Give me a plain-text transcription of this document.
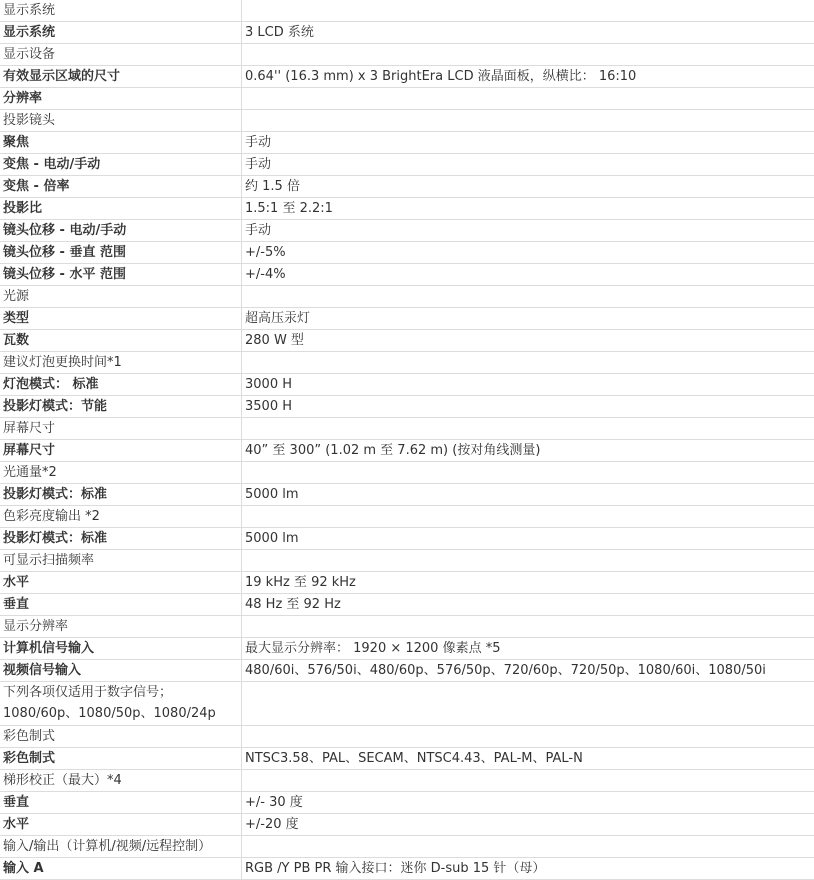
显示系统	
显示系统	3 LCD 系统
显示设备	
有效显示区域的尺寸	0.64'' (16.3 mm) x 3 BrightEra LCD 液晶面板，纵横比： 16:10
分辨率	
投影镜头	
聚焦	手动
变焦 - 电动/手动	手动
变焦 - 倍率	约 1.5 倍
投影比	1.5:1 至 2.2:1
镜头位移 - 电动/手动	手动
镜头位移 - 垂直 范围	+/-5%
镜头位移 - 水平 范围	+/-4%
光源	
类型	超高压汞灯
瓦数	280 W 型
建议灯泡更换时间*1	
灯泡模式： 标准	3000 H
投影灯模式：节能	3500 H
屏幕尺寸	
屏幕尺寸	40” 至 300” (1.02 m 至 7.62 m) (按对角线测量)
光通量*2	
投影灯模式：标准	5000 lm
色彩亮度输出 *2	
投影灯模式：标准	5000 lm
可显示扫描频率	
水平	19 kHz 至 92 kHz
垂直	48 Hz 至 92 Hz
显示分辨率	
计算机信号输入	最大显示分辨率： 1920 × 1200 像素点 *5
视频信号输入	480/60i、576/50i、480/60p、576/50p、720/60p、720/50p、1080/60i、1080/50i
下列各项仅适用于数字信号； 1080/60p、1080/50p、1080/24p	
彩色制式	
彩色制式	NTSC3.58、PAL、SECAM、NTSC4.43、PAL-M、PAL-N
梯形校正（最大）*4	
垂直	+/- 30 度
水平	+/-20 度
输入/输出（计算机/视频/远程控制）	
输入 A	RGB /Y PB PR 输入接口：迷你 D-sub 15 针（母）
